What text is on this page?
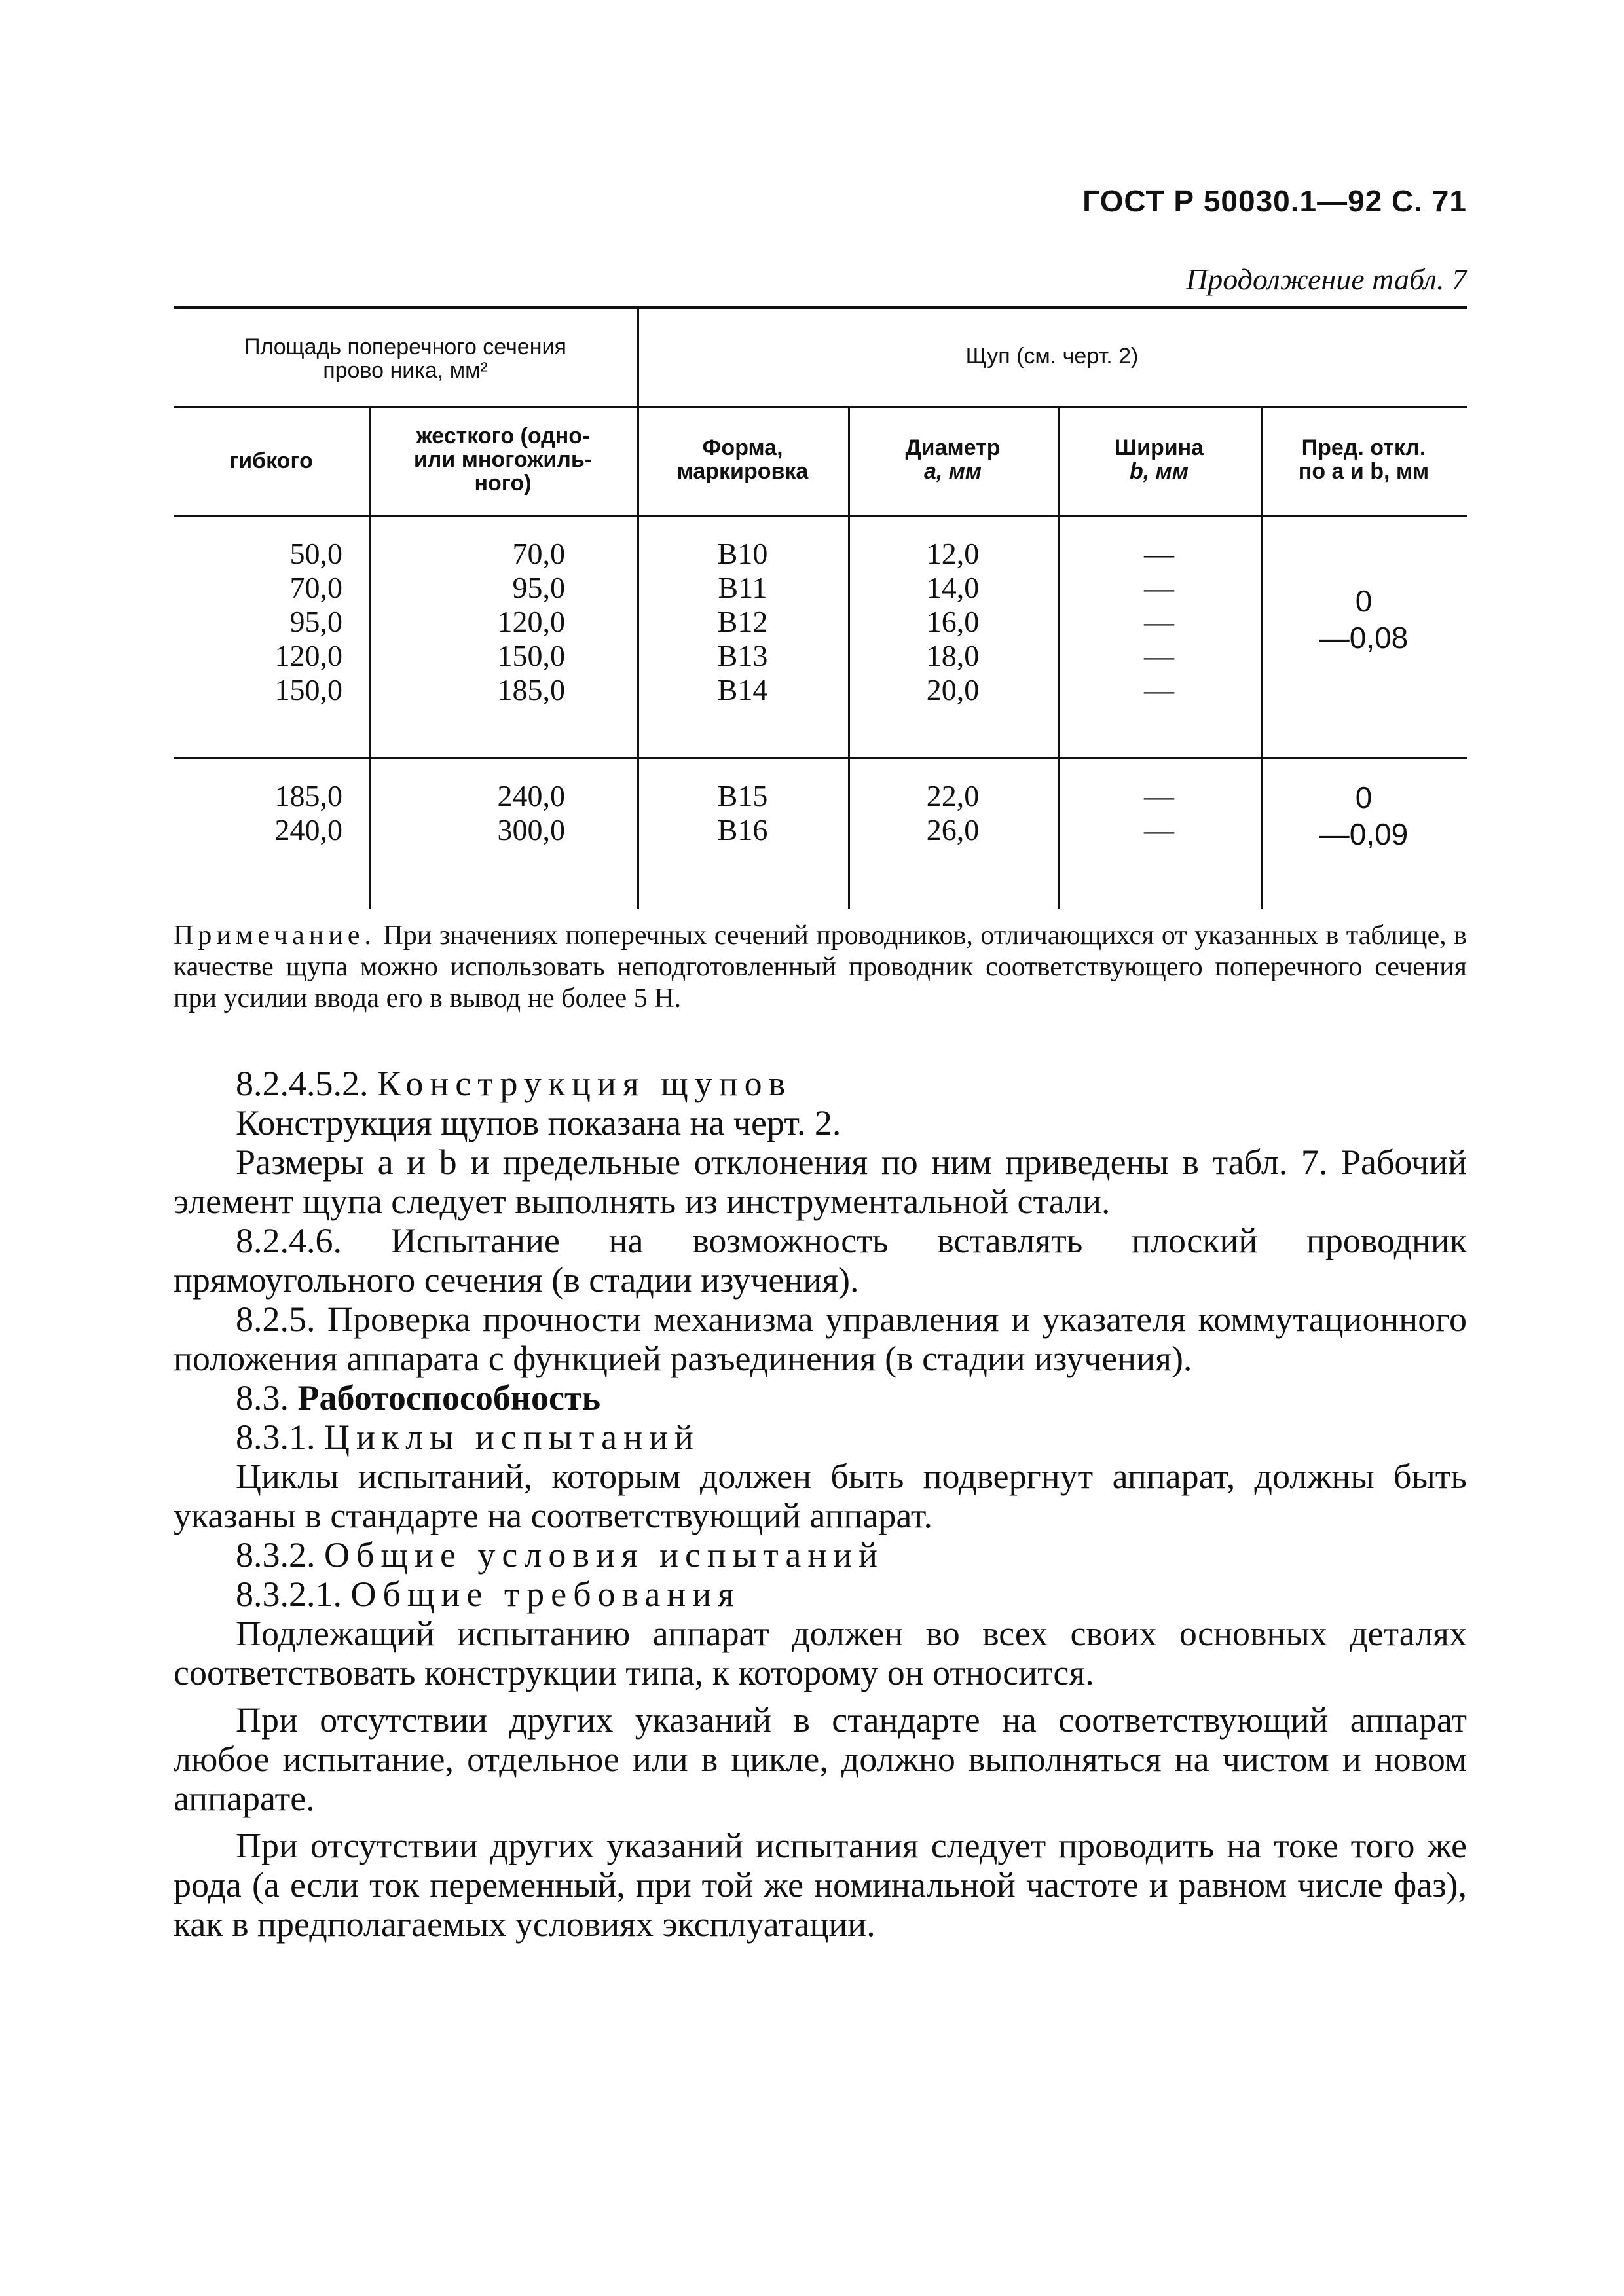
ГОСТ Р 50030.1—92 С. 71
Продолжение табл. 7
Площадь поперечного сечения прово ника, мм²
Щуп (см. черт. 2)
гибкого
жесткого (одно-
или многожиль-
ного)
Форма,
маркировка
Диаметр
a, мм
Ширина
b, мм
Пред. откл.
по a и b, мм
50,0
70,0
95,0
120,0
150,0
70,0
95,0
120,0
150,0
185,0
В10
В11
В12
В13
В14
12,0
14,0
16,0
18,0
20,0
—
—
—
—
—
0
—0,08
185,0
240,0
240,0
300,0
В15
В16
22,0
26,0
—
—
0
—0,09
Примечание. При значениях поперечных сечений проводников, отличающихся от указанных в таблице, в качестве щупа можно использовать неподготовленный проводник соответствующего поперечного сечения при усилии ввода его в вывод не более 5 Н.

8.2.4.5.2. Конструкция щупов

Конструкция щупов показана на черт. 2.

Размеры a и b и предельные отклонения по ним приведены в табл. 7. Рабочий элемент щупа следует выполнять из инструментальной стали.

8.2.4.6. Испытание на возможность вставлять плоский проводник прямоугольного сечения (в стадии изучения).

8.2.5. Проверка прочности механизма управления и указателя коммутационного положения аппарата с функцией разъединения (в стадии изучения).

8.3. Работоспособность

8.3.1. Циклы испытаний

Циклы испытаний, которым должен быть подвергнут аппарат, должны быть указаны в стандарте на соответствующий аппарат.

8.3.2. Общие условия испытаний

8.3.2.1. Общие требования

Подлежащий испытанию аппарат должен во всех своих основных деталях соответствовать конструкции типа, к которому он относится.

При отсутствии других указаний в стандарте на соответствующий аппарат любое испытание, отдельное или в цикле, должно выполняться на чистом и новом аппарате.

При отсутствии других указаний испытания следует проводить на токе того же рода (а если ток переменный, при той же номинальной частоте и равном числе фаз), как в предполагаемых условиях эксплуатации.
